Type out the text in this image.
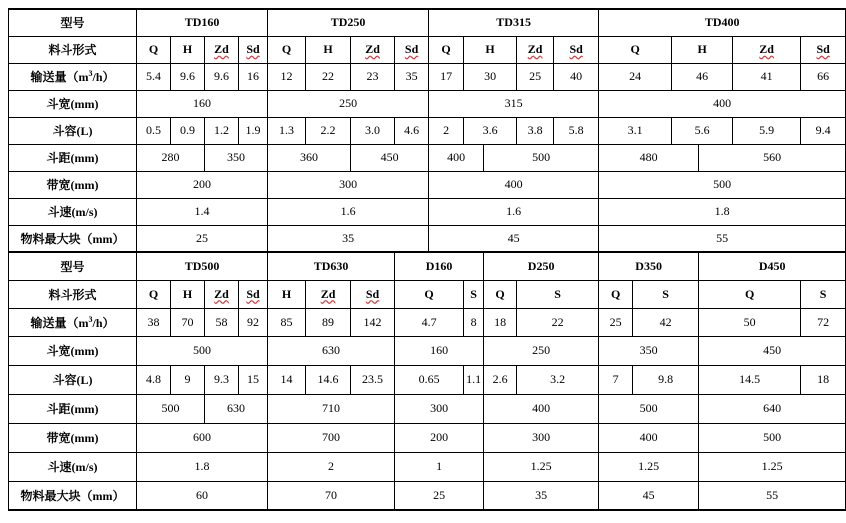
型号	TD160				TD250				TD315					TD400					
料斗形式	Q	H	Zd	Sd	Q	H	Zd	Sd	Q	H		Zd	Sd	Q		H		Zd	Sd
输送量$(m^3/h)$	5.4	9.6	9.6	16	12	22	23	35	17	30		25	40	24		46		41	66
斗宽(mm)	160				250				315					400					
斗容(L)	0.5	0.9	1.2	1.9	1.3	2.2	3.0	4.6	2	3.6		3.8	5.8	3.1		5.6		5.9	9.4
斗距(mm)	280		350		360		450		400		500			480			560		
带宽(mm)	200				300				400					500					
斗速(m/s)	1.4				1.6				1.6					1.8					
物料最大块（mm）	25				35				45					55					
型号	TD500				TD630			D160			D250			D350			D450		
料斗形式	Q	H	Zd	Sd	H	Zd	Sd	Q		S	Q	S		Q	S		Q		S
输送量$(m^3/h)$	38	70	58	92	85	89	142	4.7		8	18	22		25	42		50		72
斗宽(mm)	500				630			160			250			350			450		
斗容(L)	4.8	9	9.3	15	14	14.6	23.5	0.65		1.1	2.6	3.2		7	9.8		14.5		18
斗距(mm)	500		630		710			300			400			500			640		
带宽(mm)	600				700			200			300			400			500		
斗速(m/s)	1.8				2			1			1.25			1.25			1.25		
物料最大块（mm）	60				70			25			35			45			55		
